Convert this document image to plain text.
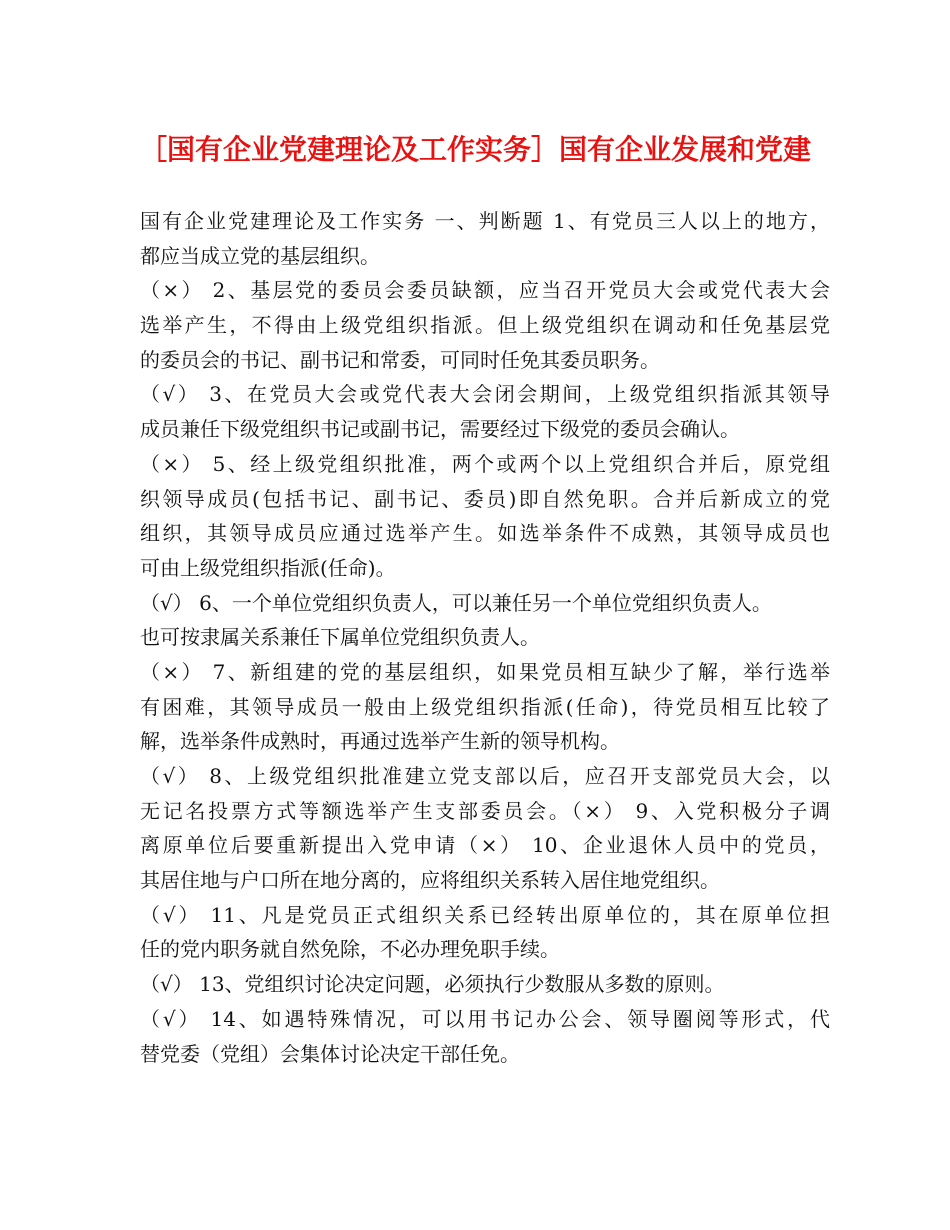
［国有企业党建理论及工作实务］国有企业发展和党建
国有企业党建理论及工作实务 一、判断题 1、有党员三人以上的地方，
都应当成立党的基层组织。
（×） 2、基层党的委员会委员缺额，应当召开党员大会或党代表大会
选举产生，不得由上级党组织指派。但上级党组织在调动和任免基层党
的委员会的书记、副书记和常委，可同时任免其委员职务。
（√） 3、在党员大会或党代表大会闭会期间，上级党组织指派其领导
成员兼任下级党组织书记或副书记，需要经过下级党的委员会确认。
（×） 5、经上级党组织批准，两个或两个以上党组织合并后，原党组
织领导成员(包括书记、副书记、委员)即自然免职。合并后新成立的党
组织，其领导成员应通过选举产生。如选举条件不成熟，其领导成员也
可由上级党组织指派(任命)。
（√） 6、一个单位党组织负责人，可以兼任另一个单位党组织负责人。
也可按隶属关系兼任下属单位党组织负责人。
（×） 7、新组建的党的基层组织，如果党员相互缺少了解，举行选举
有困难，其领导成员一般由上级党组织指派(任命)，待党员相互比较了
解，选举条件成熟时，再通过选举产生新的领导机构。
（√） 8、上级党组织批准建立党支部以后，应召开支部党员大会，以
无记名投票方式等额选举产生支部委员会。（×） 9、入党积极分子调
离原单位后要重新提出入党申请（×） 10、企业退休人员中的党员，
其居住地与户口所在地分离的，应将组织关系转入居住地党组织。
（√） 11、凡是党员正式组织关系已经转出原单位的，其在原单位担
任的党内职务就自然免除，不必办理免职手续。
（√） 13、党组织讨论决定问题，必须执行少数服从多数的原则。
（√） 14、如遇特殊情况，可以用书记办公会、领导圈阅等形式，代
替党委（党组）会集体讨论决定干部任免。
